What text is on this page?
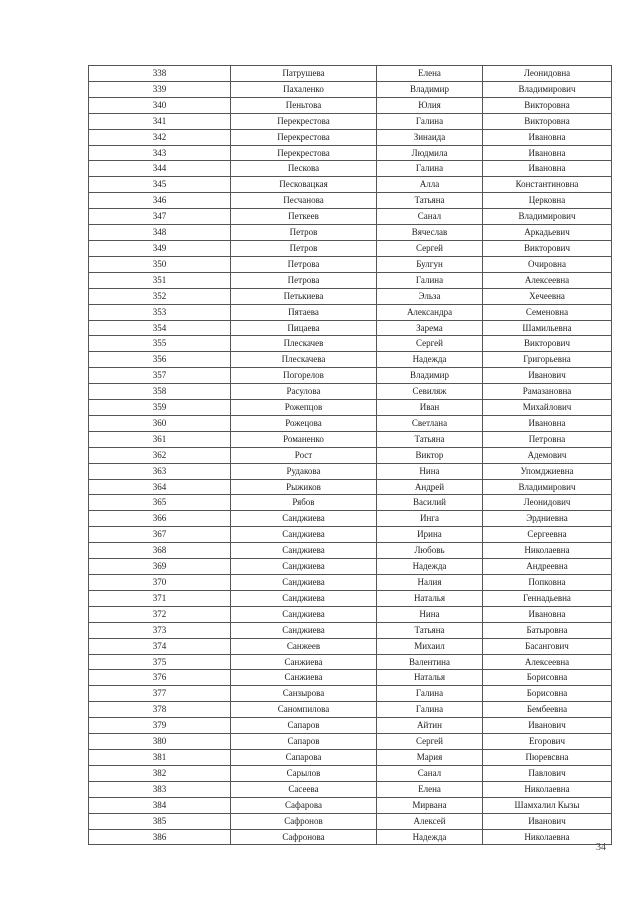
338	Патрушева	Елена	Леонидовна
339	Пахаленко	Владимир	Владимирович
340	Пеньтова	Юлия	Викторовна
341	Перекрестова	Галина	Викторовна
342	Перекрестова	Зинаида	Ивановна
343	Перекрестова	Людмила	Ивановна
344	Пескова	Галина	Ивановна
345	Песковацкая	Алла	Константиновна
346	Песчанова	Татьяна	Церковна
347	Петкеев	Санал	Владимирович
348	Петров	Вячеслав	Аркадьевич
349	Петров	Сергей	Викторович
350	Петрова	Булгун	Очировна
351	Петрова	Галина	Алексеевна
352	Петькиева	Эльза	Хечеевна
353	Пятаева	Александра	Семеновна
354	Пицаева	Зарема	Шамильевна
355	Плескачев	Сергей	Викторович
356	Плескачева	Надежда	Григорьевна
357	Погорелов	Владимир	Иванович
358	Расулова	Севиляж	Рамазановна
359	Рожепцов	Иван	Михайлович
360	Рожецова	Светлана	Ивановна
361	Романенко	Татьяна	Петровна
362	Рост	Виктор	Адемович
363	Рудакова	Нина	Упомджиевна
364	Рыжиков	Андрей	Владимирович
365	Рябов	Василий	Леонидович
366	Санджиева	Инга	Эрдниевна
367	Санджиева	Ирина	Сергеевна
368	Санджиева	Любовь	Николаевна
369	Санджиева	Надежда	Андреевна
370	Санджиева	Налия	Попковна
371	Санджиева	Наталья	Геннадьевна
372	Санджиева	Нина	Ивановна
373	Санджиева	Татьяна	Батыровна
374	Санжеев	Михаил	Басангович
375	Санжиева	Валентина	Алексеевна
376	Санжиева	Наталья	Борисовна
377	Санзырова	Галина	Борисовна
378	Саномпилова	Галина	Бембеевна
379	Сапаров	Айтин	Иванович
380	Сапаров	Сергей	Егорович
381	Сапарова	Мария	Пюревсвна
382	Сарылов	Санал	Павлович
383	Сасеева	Елена	Николаевна
384	Сафарова	Мирвана	Шамхалил Кызы
385	Сафронов	Алексей	Иванович
386	Сафронова	Надежда	Николаевна
34
